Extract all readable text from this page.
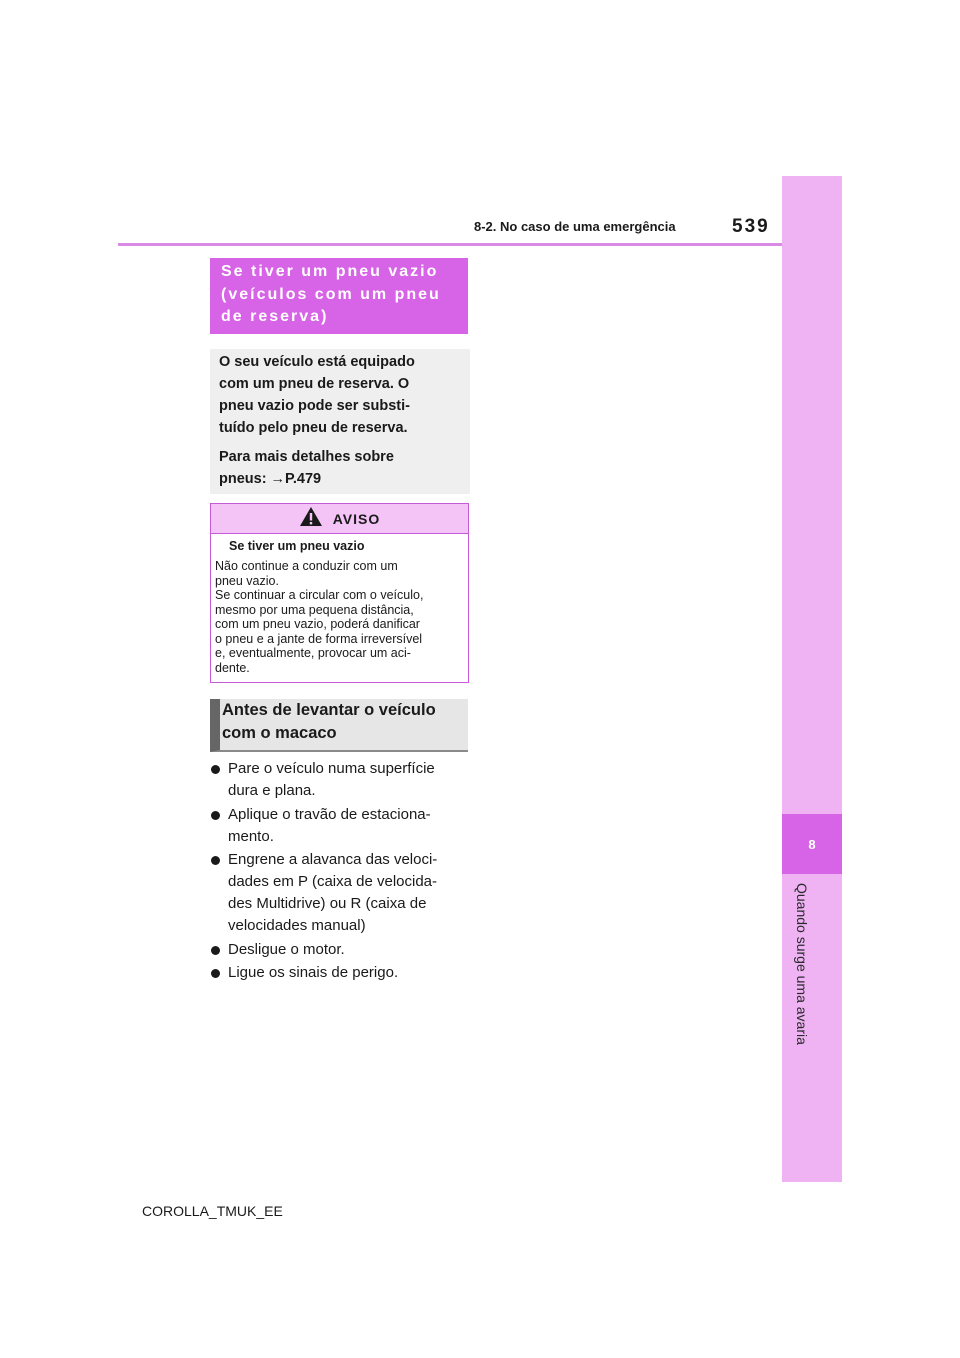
8
Quando surge uma avaria
8-2. No caso de uma emergência	539
Se tiver um pneu vazio
(veículos com um pneu
de reserva)

O seu veículo está equipado
com um pneu de reserva. O
pneu vazio pode ser substi-
tuído pelo pneu de reserva.

Para mais detalhes sobre
pneus: →P.479

AVISO
Se tiver um pneu vazio
Não continue a conduzir com um
pneu vazio.
Se continuar a circular com o veículo,
mesmo por uma pequena distância,
com um pneu vazio, poderá danificar
o pneu e a jante de forma irreversível
e, eventualmente, provocar um aci-
dente.
Antes de levantar o veículo
com o macaco
Pare o veículo numa superfície
dura e plana.
Aplique o travão de estaciona-
mento.
Engrene a alavanca das veloci-
dades em P (caixa de velocida-
des Multidrive) ou R (caixa de
velocidades manual)
Desligue o motor.
Ligue os sinais de perigo.
COROLLA_TMUK_EE
